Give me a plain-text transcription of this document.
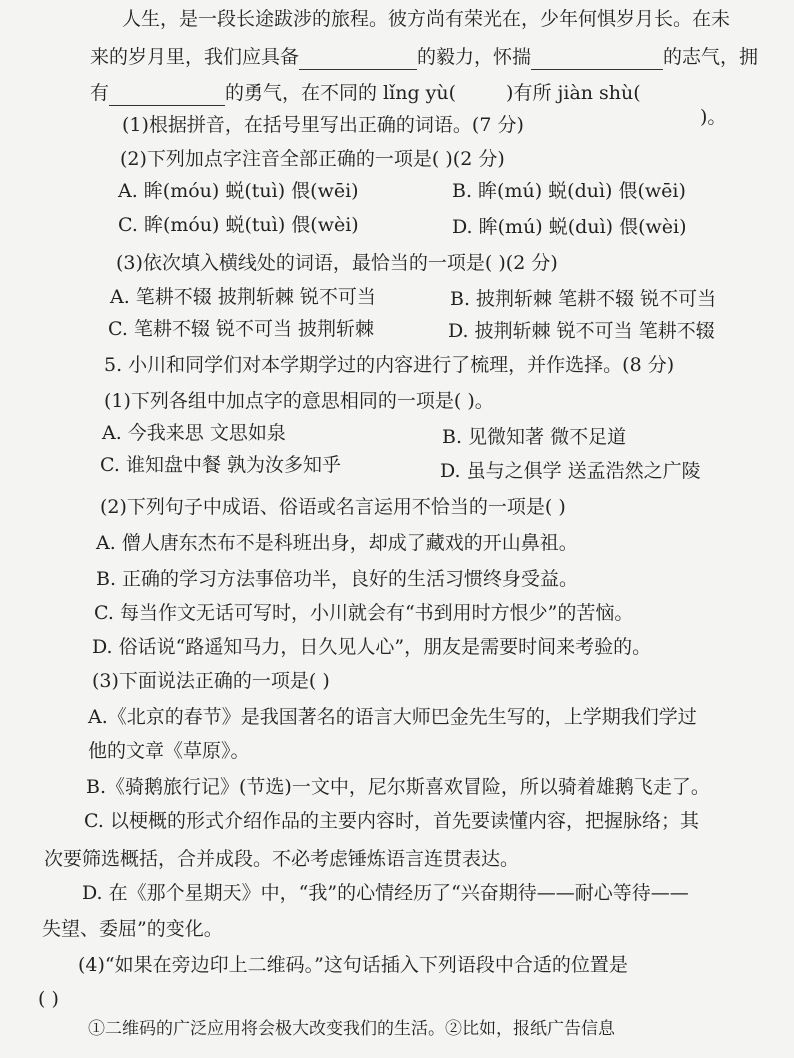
人生，是一段长途跋涉的旅程。彼方尚有荣光在，少年何惧岁月长。在未
来的岁月里，我们应具备	的毅力，怀揣	的志气，拥
有	的勇气，在不同的 lǐng yù(	)有所 jiàn shù(
)。
(1)根据拼音，在括号里写出正确的词语。(7 分)
(2)下列加点字注音全部正确的一项是( )(2 分)
A. 眸(móu) 蜕(tuì) 偎(wēi)	B. 眸(mú) 蜕(duì) 偎(wēi)
C. 眸(móu) 蜕(tuì) 偎(wèi)	D. 眸(mú) 蜕(duì) 偎(wèi)
(3)依次填入横线处的词语，最恰当的一项是( )(2 分)
A. 笔耕不辍 披荆斩棘 锐不可当	B. 披荆斩棘 笔耕不辍 锐不可当
C. 笔耕不辍 锐不可当 披荆斩棘	D. 披荆斩棘 锐不可当 笔耕不辍
5. 小川和同学们对本学期学过的内容进行了梳理，并作选择。(8 分)
(1)下列各组中加点字的意思相同的一项是( )。
A. 今我来思 文思如泉	B. 见微知著 微不足道
C. 谁知盘中餐 孰为汝多知乎	D. 虽与之俱学 送孟浩然之广陵
(2)下列句子中成语、俗语或名言运用不恰当的一项是( )
A. 僧人唐东杰布不是科班出身，却成了藏戏的开山鼻祖。
B. 正确的学习方法事倍功半，良好的生活习惯终身受益。
C. 每当作文无话可写时，小川就会有“书到用时方恨少”的苦恼。
D. 俗话说“路遥知马力，日久见人心”，朋友是需要时间来考验的。
(3)下面说法正确的一项是( )
A.《北京的春节》是我国著名的语言大师巴金先生写的，上学期我们学过
他的文章《草原》。
B.《骑鹅旅行记》(节选)一文中，尼尔斯喜欢冒险，所以骑着雄鹅飞走了。
C. 以梗概的形式介绍作品的主要内容时，首先要读懂内容，把握脉络；其
次要筛选概括，合并成段。不必考虑锤炼语言连贯表达。
D. 在《那个星期天》中，“我”的心情经历了“兴奋期待——耐心等待——
失望、委屈”的变化。
(4)“如果在旁边印上二维码。”这句话插入下列语段中合适的位置是
( )
①二维码的广泛应用将会极大改变我们的生活。②比如，报纸广告信息
